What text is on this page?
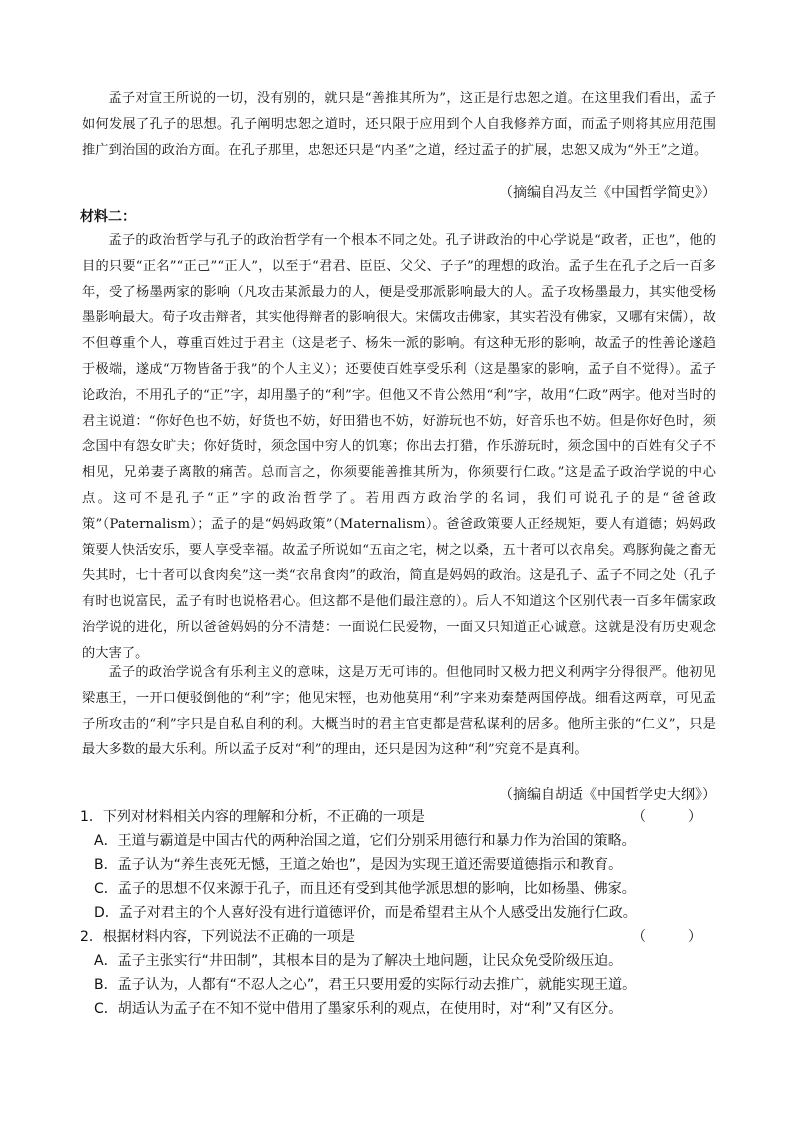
孟子对宣王所说的一切，没有别的，就只是“善推其所为”，这正是行忠恕之道。在这里我们看出，孟子如何发展了孔子的思想。孔子阐明忠恕之道时，还只限于应用到个人自我修养方面，而孟子则将其应用范围推广到治国的政治方面。在孔子那里，忠恕还只是“内圣”之道，经过孟子的扩展，忠恕又成为“外王”之道。

（摘编自冯友兰《中国哲学简史》）

材料二：

孟子的政治哲学与孔子的政治哲学有一个根本不同之处。孔子讲政治的中心学说是“政者，正也”，他的目的只要“正名”“正己”“正人”，以至于“君君、臣臣、父父、子子”的理想的政治。孟子生在孔子之后一百多年，受了杨墨两家的影响（凡攻击某派最力的人，便是受那派影响最大的人。孟子攻杨墨最力，其实他受杨墨影响最大。荀子攻击辩者，其实他得辩者的影响很大。宋儒攻击佛家，其实若没有佛家，又哪有宋儒），故不但尊重个人，尊重百姓过于君主（这是老子、杨朱一派的影响。有这种无形的影响，故孟子的性善论遂趋于极端，遂成“万物皆备于我”的个人主义）；还要使百姓享受乐利（这是墨家的影响，孟子自不觉得）。孟子论政治，不用孔子的“正”字，却用墨子的“利”字。但他又不肯公然用“利”字，故用“仁政”两字。他对当时的君主说道：“你好色也不妨，好货也不妨，好田猎也不妨，好游玩也不妨，好音乐也不妨。但是你好色时，须念国中有怨女旷夫；你好货时，须念国中穷人的饥寒；你出去打猎，作乐游玩时，须念国中的百姓有父子不相见，兄弟妻子离散的痛苦。总而言之，你须要能善推其所为，你须要行仁政。”这是孟子政治学说的中心点。这可不是孔子“正”字的政治哲学了。若用西方政治学的名词，我们可说孔子的是“爸爸政策”（Paternalism）；孟子的是“妈妈政策”（Maternalism）。爸爸政策要人正经规矩，要人有道德；妈妈政策要人快活安乐，要人享受幸福。故孟子所说如“五亩之宅，树之以桑，五十者可以衣帛矣。鸡豚狗彘之畜无失其时，七十者可以食肉矣”这一类“衣帛食肉”的政治，简直是妈妈的政治。这是孔子、孟子不同之处（孔子有时也说富民，孟子有时也说格君心。但这都不是他们最注意的）。后人不知道这个区别代表一百多年儒家政治学说的进化，所以爸爸妈妈的分不清楚：一面说仁民爱物，一面又只知道正心诚意。这就是没有历史观念的大害了。

孟子的政治学说含有乐利主义的意味，这是万无可讳的。但他同时又极力把义利两字分得很严。他初见梁惠王，一开口便驳倒他的“利”字；他见宋牼，也劝他莫用“利”字来劝秦楚两国停战。细看这两章，可见孟子所攻击的“利”字只是自私自利的利。大概当时的君主官吏都是营私谋利的居多。他所主张的“仁义”，只是最大多数的最大乐利。所以孟子反对“利”的理由，还只是因为这种“利”究竟不是真利。

（摘编自胡适《中国哲学史大纲》）

1．下列对材料相关内容的理解和分析，不正确的一项是	（　　　）

A．王道与霸道是中国古代的两种治国之道，它们分别采用德行和暴力作为治国的策略。

B．孟子认为“养生丧死无憾，王道之始也”，是因为实现王道还需要道德指示和教育。

C．孟子的思想不仅来源于孔子，而且还有受到其他学派思想的影响，比如杨墨、佛家。

D．孟子对君主的个人喜好没有进行道德评价，而是希望君主从个人感受出发施行仁政。

2．根据材料内容，下列说法不正确的一项是	（　　　）

A．孟子主张实行“井田制”，其根本目的是为了解决土地问题，让民众免受阶级压迫。

B．孟子认为，人都有“不忍人之心”，君王只要用爱的实际行动去推广，就能实现王道。

C．胡适认为孟子在不知不觉中借用了墨家乐利的观点，在使用时，对“利”又有区分。
